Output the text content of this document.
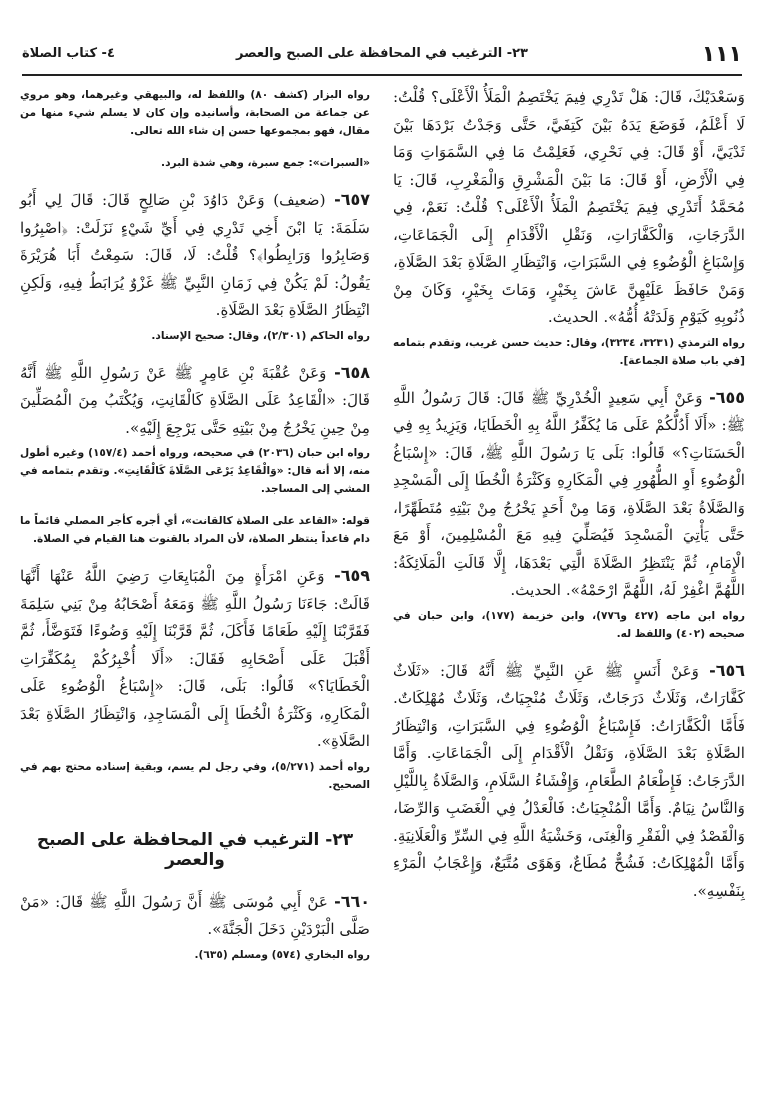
١١١
٢٣- الترغيب في المحافظة على الصبح والعصر
٤- كتاب الصلاة

وَسَعْدَيْكَ، قَالَ: هَلْ تَدْرِي فِيمَ يَخْتَصِمُ الْمَلَأُ الْأَعْلَى؟ قُلْتُ: لَا أَعْلَمُ، فَوَضَعَ يَدَهُ بَيْنَ كَتِفَيَّ، حَتَّى وَجَدْتُ بَرْدَهَا بَيْنَ ثَدْيَيَّ، أَوْ قَالَ: فِي نَحْرِي، فَعَلِمْتُ مَا فِي السَّمَوَاتِ وَمَا فِي الْأَرْضِ، أَوْ قَالَ: مَا بَيْنَ الْمَشْرِقِ وَالْمَغْرِبِ، قَالَ: يَا مُحَمَّدُ أَتَدْرِي فِيمَ يَخْتَصِمُ الْمَلَأُ الْأَعْلَى؟ قُلْتُ: نَعَمْ، فِي الدَّرَجَاتِ، وَالْكَفَّارَاتِ، وَنَقْلِ الْأَقْدَامِ إِلَى الْجَمَاعَاتِ، وَإِسْبَاغِ الْوُضُوءِ فِي السَّبَرَاتِ، وَانْتِظَارِ الصَّلَاةِ بَعْدَ الصَّلَاةِ، وَمَنْ حَافَظَ عَلَيْهِنَّ عَاشَ بِخَيْرٍ، وَمَاتَ بِخَيْرٍ، وَكَانَ مِنْ ذُنُوبِهِ كَيَوْمِ وَلَدَتْهُ أُمُّهُ». الحديث.

رواه الترمذي (٣٢٣١، ٣٢٣٤)، وقال: حديث حسن غريب، وتقدم بتمامه [في باب صلاة الجماعة].

٦٥٥- وَعَنْ أَبِي سَعِيدٍ الْخُدْرِيِّ ﷺ قَالَ: قَالَ رَسُولُ اللَّهِ ﷺ: «أَلَا أَدُلُّكُمْ عَلَى مَا يُكَفِّرُ اللَّهُ بِهِ الْخَطَايَا، وَيَزِيدُ بِهِ فِي الْحَسَنَاتِ؟» قَالُوا: بَلَى يَا رَسُولَ اللَّهِ ﷺ، قَالَ: «إِسْبَاغُ الْوُضُوءِ أَوِ الطُّهُورِ فِي الْمَكَارِهِ وَكَثْرَةُ الْخُطَا إِلَى الْمَسْجِدِ وَالصَّلَاةُ بَعْدَ الصَّلَاةِ، وَمَا مِنْ أَحَدٍ يَخْرُجُ مِنْ بَيْتِهِ مُتَطَهِّرًا، حَتَّى يَأْتِيَ الْمَسْجِدَ فَيُصَلِّيَ فِيهِ مَعَ الْمُسْلِمِينَ، أَوْ مَعَ الْإِمَامِ، ثُمَّ يَنْتَظِرُ الصَّلَاةَ الَّتِي بَعْدَهَا، إِلَّا قَالَتِ الْمَلَائِكَةُ: اللَّهُمَّ اغْفِرْ لَهُ، اللَّهُمَّ ارْحَمْهُ». الحديث.

رواه ابن ماجه (٤٢٧ و٧٧٦)، وابن خزيمة (١٧٧)، وابن حبان في صحيحه (٤٠٢) واللفظ له.

٦٥٦- وَعَنْ أَنَسٍ ﷺ عَنِ النَّبِيِّ ﷺ أَنَّهُ قَالَ: «ثَلَاثٌ كَفَّارَاتٌ، وَثَلَاثٌ دَرَجَاتٌ، وَثَلَاثٌ مُنْجِيَاتٌ، وَثَلَاثٌ مُهْلِكَاتٌ. فَأَمَّا الْكَفَّارَاتُ: فَإِسْبَاغُ الْوُضُوءِ فِي السَّبَرَاتِ، وَانْتِظَارُ الصَّلَاةِ بَعْدَ الصَّلَاةِ، وَنَقْلُ الْأَقْدَامِ إِلَى الْجَمَاعَاتِ. وَأَمَّا الدَّرَجَاتُ: فَإِطْعَامُ الطَّعَامِ، وَإِفْشَاءُ السَّلَامِ، وَالصَّلَاةُ بِاللَّيْلِ وَالنَّاسُ نِيَامٌ. وَأَمَّا الْمُنْجِيَاتُ: فَالْعَدْلُ فِي الْغَضَبِ وَالرِّضَا، وَالْقَصْدُ فِي الْفَقْرِ وَالْغِنَى، وَخَشْيَةُ اللَّهِ فِي السِّرِّ وَالْعَلَانِيَةِ. وَأَمَّا الْمُهْلِكَاتُ: فَشُحٌّ مُطَاعٌ، وَهَوًى مُتَّبَعٌ، وَإِعْجَابُ الْمَرْءِ بِنَفْسِهِ».

رواه البزار (كشف ٨٠) واللفظ له، والبيهقي وغيرهما، وهو مروي عن جماعة من الصحابة، وأسانيده وإن كان لا يسلم شيء منها من مقال، فهو بمجموعها حسن إن شاء الله تعالى.

«السبرات»: جمع سبرة، وهي شدة البرد.

٦٥٧- (ضعيف) وَعَنْ دَاوُدَ بْنِ صَالِحٍ قَالَ: قَالَ لِي أَبُو سَلَمَةَ: يَا ابْنَ أَخِي تَدْرِي فِي أَيِّ شَيْءٍ نَزَلَتْ: ﴿اصْبِرُوا وَصَابِرُوا وَرَابِطُوا﴾؟ قُلْتُ: لَا، قَالَ: سَمِعْتُ أَبَا هُرَيْرَةَ يَقُولُ: لَمْ يَكُنْ فِي زَمَانِ النَّبِيِّ ﷺ غَزْوٌ يُرَابَطُ فِيهِ، وَلَكِنِ انْتِظَارُ الصَّلَاةِ بَعْدَ الصَّلَاةِ.

رواه الحاكم (٢/٣٠١)، وقال: صحيح الإسناد.

٦٥٨- وَعَنْ عُقْبَةَ بْنِ عَامِرٍ ﷺ عَنْ رَسُولِ اللَّهِ ﷺ أَنَّهُ قَالَ: «الْقَاعِدُ عَلَى الصَّلَاةِ كَالْقَانِتِ، وَيُكْتَبُ مِنَ الْمُصَلِّينَ مِنْ حِينِ يَخْرُجُ مِنْ بَيْتِهِ حَتَّى يَرْجِعَ إِلَيْهِ».

رواه ابن حبان (٢٠٣٦) في صحيحه، ورواه أحمد (١٥٧/٤) وغيره أطول منه، إلا أنه قال: «وَالْقَاعِدُ يَرْعَى الصَّلَاةَ كَالْقَانِتِ». وتقدم بتمامه في المشي إلى المساجد.

قوله: «القاعد على الصلاة كالقانت»، أي أجره كأجر المصلي قائماً ما دام قاعداً ينتظر الصلاة، لأن المراد بالقنوت هنا القيام في الصلاة.

٦٥٩- وَعَنِ امْرَأَةٍ مِنَ الْمُبَايِعَاتِ رَضِيَ اللَّهُ عَنْهَا أَنَّهَا قَالَتْ: جَاءَنَا رَسُولُ اللَّهِ ﷺ وَمَعَهُ أَصْحَابُهُ مِنْ بَنِي سَلِمَةَ فَقَرَّبْنَا إِلَيْهِ طَعَامًا فَأَكَلَ، ثُمَّ قَرَّبْنَا إِلَيْهِ وَضُوءًا فَتَوَضَّأَ، ثُمَّ أَقْبَلَ عَلَى أَصْحَابِهِ فَقَالَ: «أَلَا أُخْبِرُكُمْ بِمُكَفِّرَاتِ الْخَطَايَا؟» قَالُوا: بَلَى، قَالَ: «إِسْبَاغُ الْوُضُوءِ عَلَى الْمَكَارِهِ، وَكَثْرَةُ الْخُطَا إِلَى الْمَسَاجِدِ، وَانْتِظَارُ الصَّلَاةِ بَعْدَ الصَّلَاةِ».

رواه أحمد (٥/٢٧١)، وفي رجل لم يسم، وبقية إسناده محتج بهم في الصحيح.

٢٣- الترغيب في المحافظة على الصبح والعصر

٦٦٠- عَنْ أَبِي مُوسَى ﷺ أَنَّ رَسُولَ اللَّهِ ﷺ قَالَ: «مَنْ صَلَّى الْبَرْدَيْنِ دَخَلَ الْجَنَّةَ».

رواه البخاري (٥٧٤) ومسلم (٦٣٥).
